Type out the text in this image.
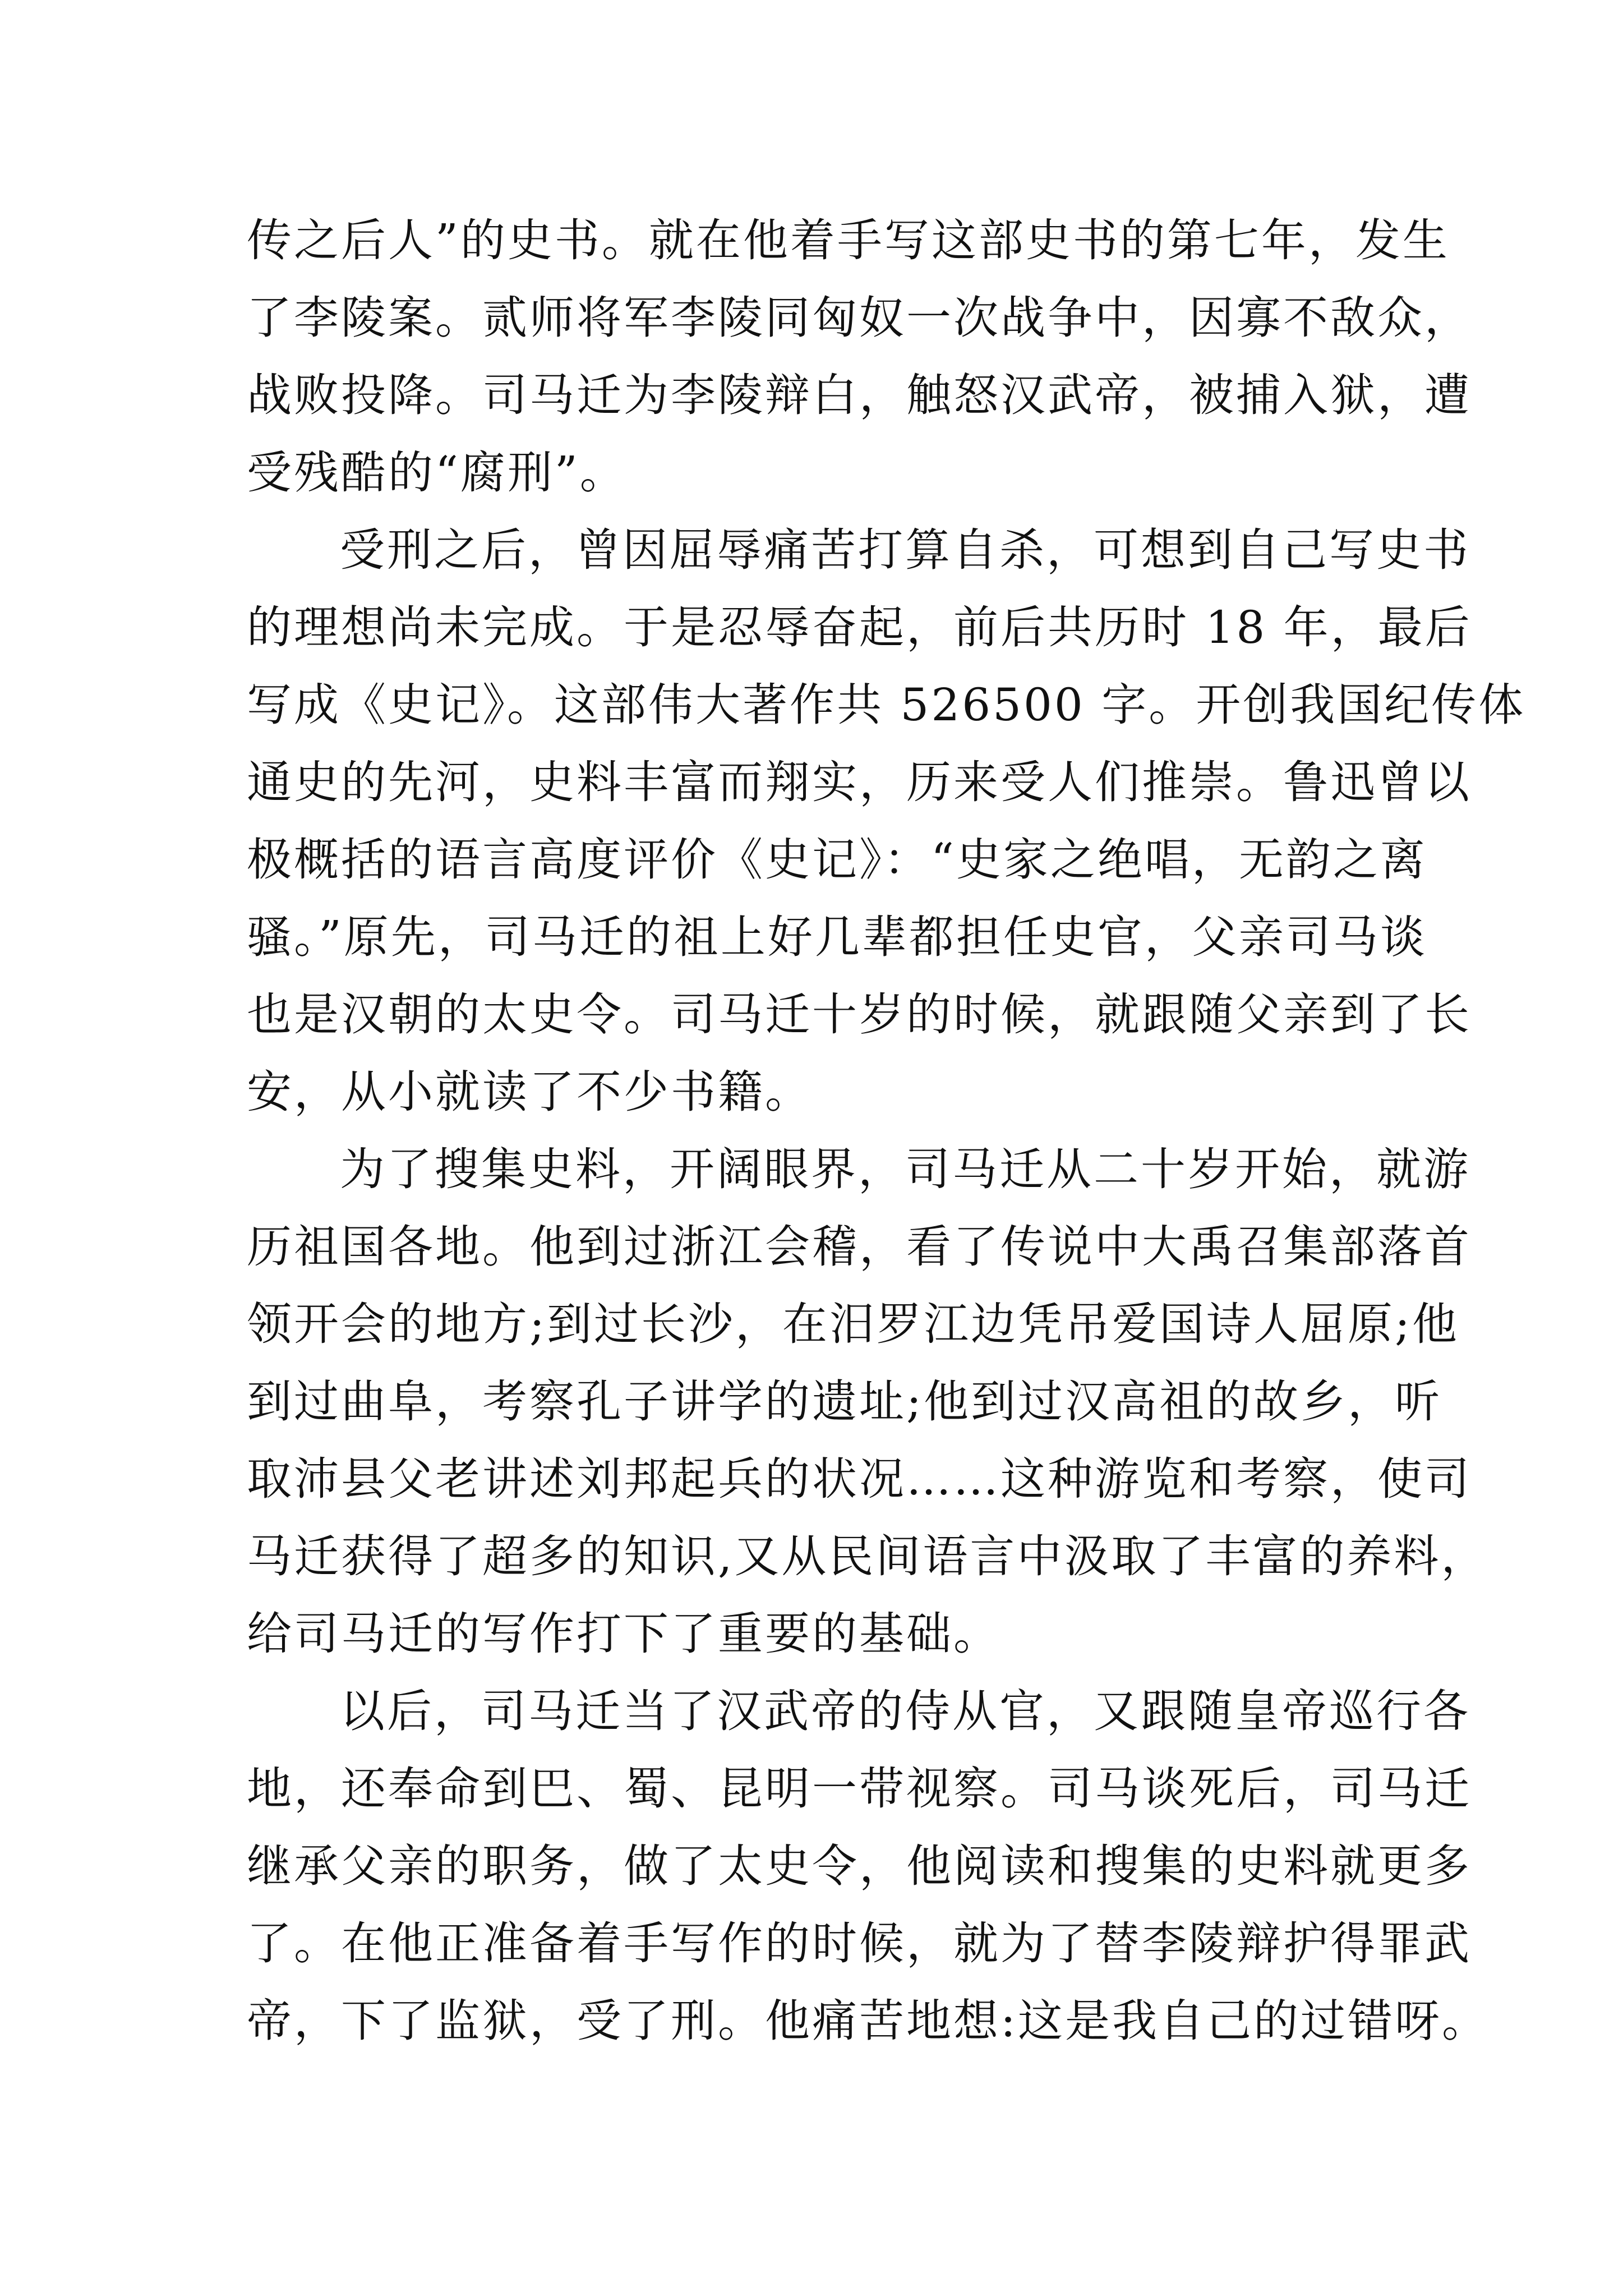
传之后人”的史书。就在他着手写这部史书的第七年，发生
了李陵案。贰师将军李陵同匈奴一次战争中，因寡不敌众，
战败投降。司马迁为李陵辩白，触怒汉武帝，被捕入狱，遭
受残酷的“腐刑”。
受刑之后，曾因屈辱痛苦打算自杀，可想到自己写史书
的理想尚未完成。于是忍辱奋起，前后共历时 18 年，最后
写成《史记》。这部伟大著作共 526500 字。开创我国纪传体
通史的先河，史料丰富而翔实，历来受人们推崇。鲁迅曾以
极概括的语言高度评价《史记》：“史家之绝唱，无韵之离
骚。”原先，司马迁的祖上好几辈都担任史官，父亲司马谈
也是汉朝的太史令。司马迁十岁的时候，就跟随父亲到了长
安，从小就读了不少书籍。
为了搜集史料，开阔眼界，司马迁从二十岁开始，就游
历祖国各地。他到过浙江会稽，看了传说中大禹召集部落首
领开会的地方;到过长沙，在汨罗江边凭吊爱国诗人屈原;他
到过曲阜，考察孔子讲学的遗址;他到过汉高祖的故乡，听
取沛县父老讲述刘邦起兵的状况……这种游览和考察，使司
马迁获得了超多的知识,又从民间语言中汲取了丰富的养料，
给司马迁的写作打下了重要的基础。
以后，司马迁当了汉武帝的侍从官，又跟随皇帝巡行各
地，还奉命到巴、蜀、昆明一带视察。司马谈死后，司马迁
继承父亲的职务，做了太史令，他阅读和搜集的史料就更多
了。在他正准备着手写作的时候，就为了替李陵辩护得罪武
帝，下了监狱，受了刑。他痛苦地想:这是我自己的过错呀。
